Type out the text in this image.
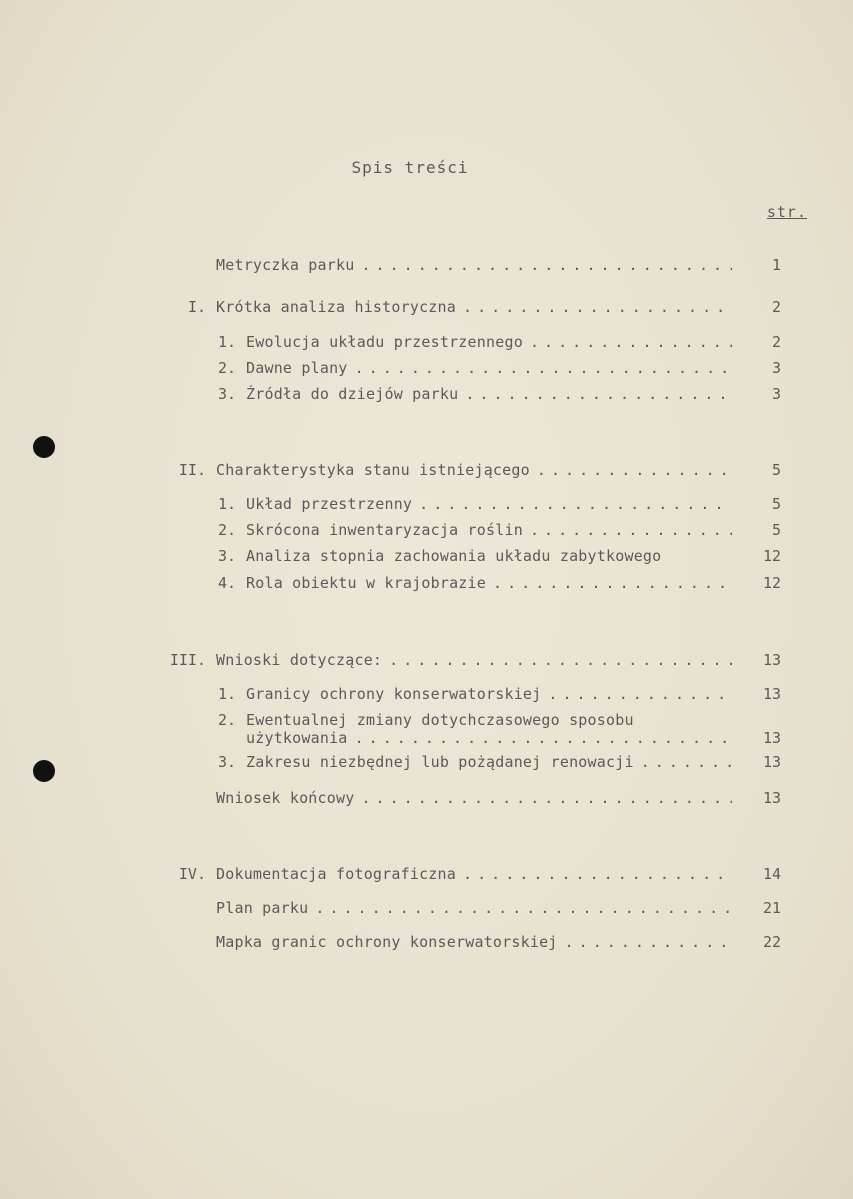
Spis treści
str.
Metryczka parku . . .	1
I. Krótka analiza historyczna . . .	2
1. Ewolucja układu przestrzennego . . .	2
2. Dawne plany . . .	3
3. Źródła do dziejów parku . . .	3
II. Charakterystyka stanu istniejącego . . .	5
1. Układ przestrzenny . . .	5
2. Skrócona inwentaryzacja roślin . . .	5
3. Analiza stopnia zachowania układu zabytkowego	12
4. Rola obiektu w krajobrazie . . .	12
III. Wnioski dotyczące: . . .	13
1. Granicy ochrony konserwatorskiej . . .	13
2. Ewentualnej zmiany dotychczasowego sposobu
użytkowania . . .	13
3. Zakresu niezbędnej lub pożądanej renowacji . . .	13
Wniosek końcowy . . .	13
IV. Dokumentacja fotograficzna . . .	14
Plan parku . . .	21
Mapka granic ochrony konserwatorskiej . . .	22
